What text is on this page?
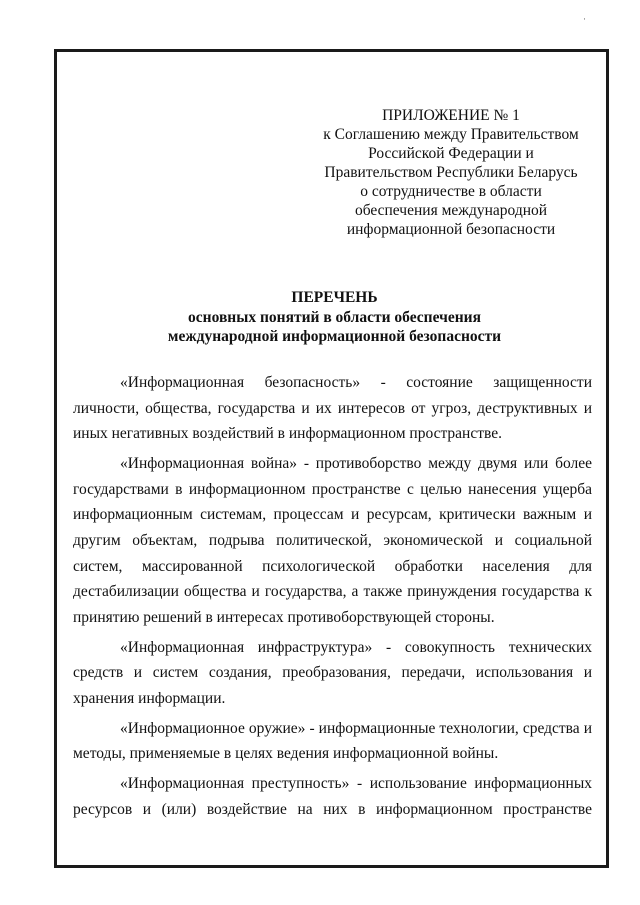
·
ПРИЛОЖЕНИЕ № 1
к Соглашению между Правительством
Российской Федерации и
Правительством Республики Беларусь
о сотрудничестве в области
обеспечения международной
информационной безопасности
ПЕРЕЧЕНЬ
основных понятий в области обеспечения
международной информационной безопасности

«Информационная безопасность» - состояние защищенности личности, общества, государства и их интересов от угроз, деструктивных и иных негативных воздействий в информационном пространстве.

«Информационная война» - противоборство между двумя или более государствами в информационном пространстве с целью нанесения ущерба информационным системам, процессам и ресурсам, критически важным и другим объектам, подрыва политической, экономической и социальной систем, массированной психологической обработки населения для дестабилизации общества и государства, а также принуждения государства к принятию решений в интересах противоборствующей стороны.

«Информационная инфраструктура» - совокупность технических средств и систем создания, преобразования, передачи, использования и хранения информации.

«Информационное оружие» - информационные технологии, средства и методы, применяемые в целях ведения информационной войны.

«Информационная преступность» - использование информационных ресурсов и (или) воздействие на них в информационном пространстве
